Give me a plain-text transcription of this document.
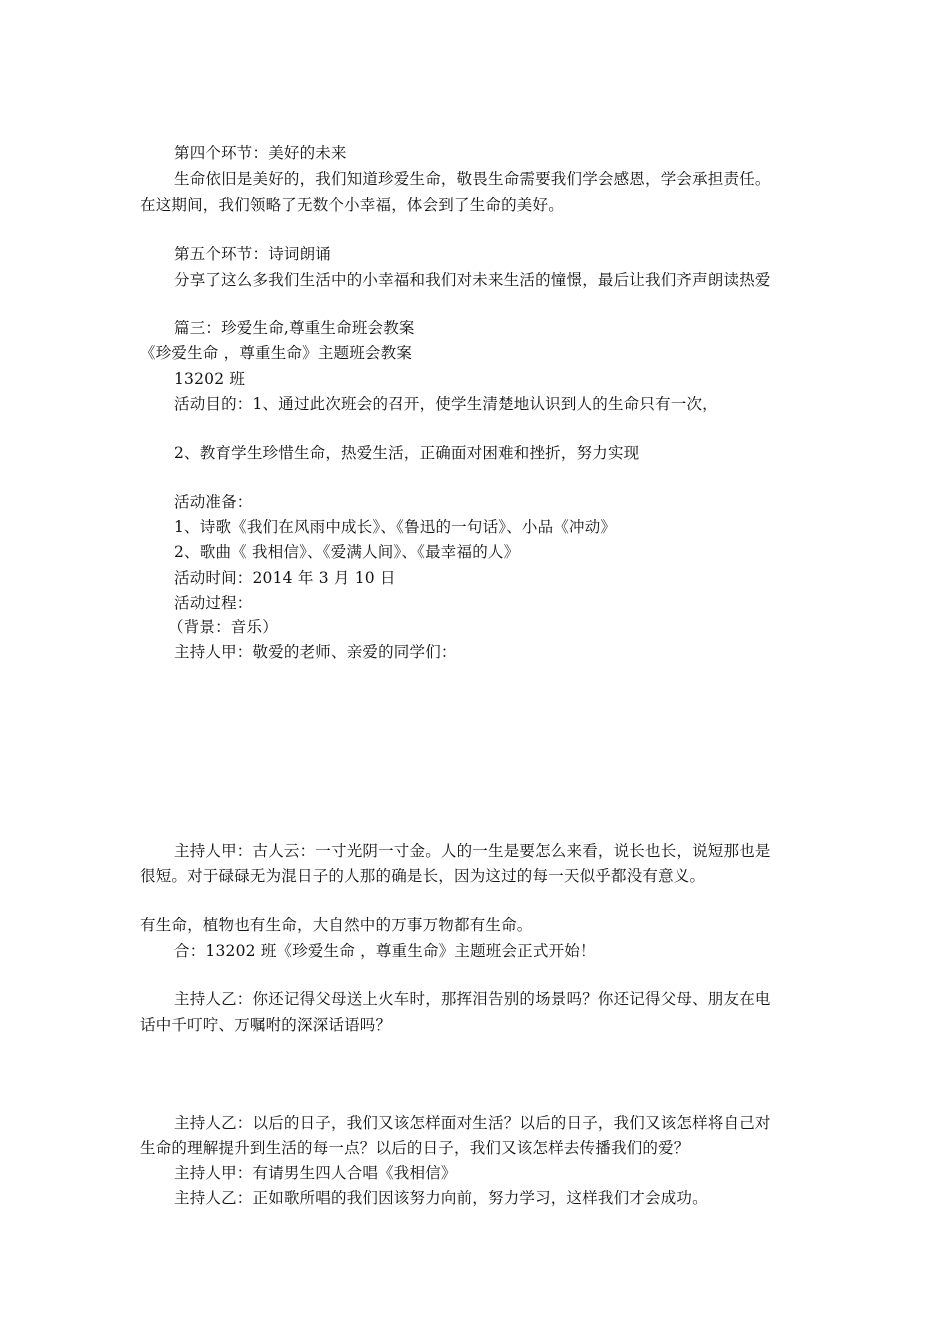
第四个环节：美好的未来
生命依旧是美好的，我们知道珍爱生命，敬畏生命需要我们学会感恩，学会承担责任。
在这期间，我们领略了无数个小幸福，体会到了生命的美好。
第五个环节：诗词朗诵
分享了这么多我们生活中的小幸福和我们对未来生活的憧憬，最后让我们齐声朗读热爱
篇三：珍爱生命,尊重生命班会教案
《珍爱生命 ，尊重生命》主题班会教案
13202 班
活动目的：1、通过此次班会的召开，使学生清楚地认识到人的生命只有一次，
2、教育学生珍惜生命，热爱生活，正确面对困难和挫折，努力实现
活动准备：
1、诗歌《我们在风雨中成长》、《鲁迅的一句话》、小品《冲动》
2、歌曲《 我相信》、《爱满人间》、《最幸福的人》
活动时间：2014 年 3 月 10 日
活动过程：
（背景：音乐）
主持人甲：敬爱的老师、亲爱的同学们：
主持人甲：古人云：一寸光阴一寸金。人的一生是要怎么来看，说长也长，说短那也是
很短。对于碌碌无为混日子的人那的确是长，因为这过的每一天似乎都没有意义。
有生命，植物也有生命，大自然中的万事万物都有生命。
合：13202 班《珍爱生命 ，尊重生命》主题班会正式开始！
主持人乙：你还记得父母送上火车时，那挥泪告别的场景吗？你还记得父母、朋友在电
话中千叮咛、万嘱咐的深深话语吗？
主持人乙：以后的日子，我们又该怎样面对生活？以后的日子，我们又该怎样将自己对
生命的理解提升到生活的每一点？以后的日子，我们又该怎样去传播我们的爱？
主持人甲：有请男生四人合唱《我相信》
主持人乙：正如歌所唱的我们因该努力向前，努力学习，这样我们才会成功。
